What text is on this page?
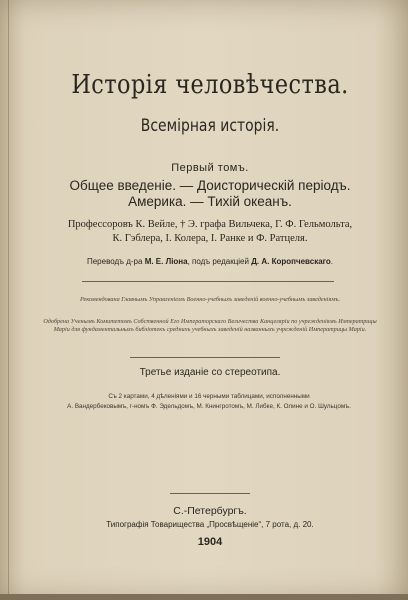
Исторія человѣчества.
Всемірная исторія.
Первый томъ.
Общее введеніе. — Доисторическій періодъ.
Америка. — Тихій океанъ.
Профессоровъ К. Вейле, † Э. графа Вильчека, Г. Ф. Гельмольта,
К. Гэблера, І. Колера, І. Ранке и Ф. Ратцеля.
Переводъ д-ра М. Е. Ліона, подъ редакціей Д. А. Коропчевскаго.
Рекомендована Главнымъ Управленіемъ Военно-учебныхъ заведеній военно-учебнымъ заведеніямъ.
Одобрена Ученымъ Комитетомъ Собственной Его Императорскаго Величества Канцеляріи по учрежденіямъ Императрицы Маріи для фундаментальныхъ библіотекъ среднихъ учебныхъ заведеній названныхъ учрежденій Императрицы Маріи.
Третье изданіе со стереотипа.
Съ 2 картами, 4 дѣленіями и 16 черными таблицами, исполненными
А. Вандербековымъ, г-номъ Ф. Эдельдомъ, М. Кнингротомъ, М. Либке, К. Олине и О. Шульцомъ.
С.-Петербургъ.
Типографія Товарищества „Просвѣщеніе“, 7 рота, д. 20.
1904
